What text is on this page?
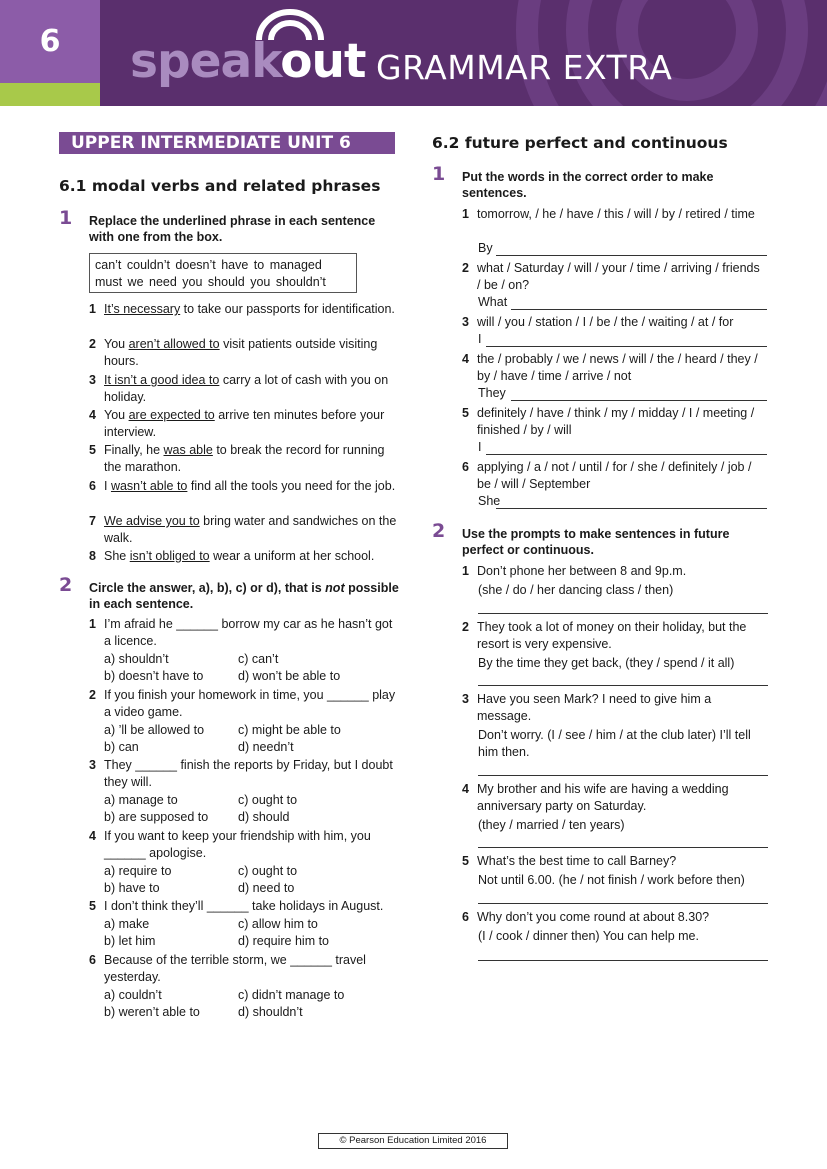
6	speakout GRAMMAR EXTRA
UPPER INTERMEDIATE UNIT 6
6.1 modal verbs and related phrases
1 Replace the underlined phrase in each sentence with one from the box.
can’t couldn’t doesn’t have to managed
must we need you should you shouldn’t
1 It’s necessary to take our passports for identification.
2 You aren’t allowed to visit patients outside visiting hours.
3 It isn’t a good idea to carry a lot of cash with you on holiday.
4 You are expected to arrive ten minutes before your interview.
5 Finally, he was able to break the record for running the marathon.
6 I wasn’t able to find all the tools you need for the job.
7 We advise you to bring water and sandwiches on the walk.
8 She isn’t obliged to wear a uniform at her school.
2 Circle the answer, a), b), c) or d), that is not possible in each sentence.
1 I’m afraid he ______ borrow my car as he hasn’t got a licence.
a) shouldn’t	c) can’t
b) doesn’t have to	d) won’t be able to
2 If you finish your homework in time, you ______ play a video game.
a) ’ll be allowed to	c) might be able to
b) can	d) needn’t
3 They ______ finish the reports by Friday, but I doubt they will.
a) manage to	c) ought to
b) are supposed to d) should
4 If you want to keep your friendship with him, you ______ apologise.
a) require to	c) ought to
b) have to	d) need to
5 I don’t think they’ll ______ take holidays in August.
a) make	c) allow him to
b) let him	d) require him to
6 Because of the terrible storm, we ______ travel yesterday.
a) couldn’t	c) didn’t manage to
b) weren’t able to	d) shouldn’t
6.2 future perfect and continuous
1 Put the words in the correct order to make sentences.
1 tomorrow, / he / have / this / will / by / retired / time
By
2 what / Saturday / will / your / time / arriving / friends / be / on?
What
3 will / you / station / I / be / the / waiting / at / for
I
4 the / probably / we / news / will / the / heard / they / by / have / time / arrive / not
They
5 definitely / have / think / my / midday / I / meeting / finished / by / will
I
6 applying / a / not / until / for / she / definitely / job / be / will / September
She
2 Use the prompts to make sentences in future perfect or continuous.
1 Don’t phone her between 8 and 9p.m.
(she / do / her dancing class / then)
2 They took a lot of money on their holiday, but the resort is very expensive.
By the time they get back, (they / spend / it all)
3 Have you seen Mark? I need to give him a message.
Don’t worry. (I / see / him / at the club later) I’ll tell him then.
4 My brother and his wife are having a wedding anniversary party on Saturday.
(they / married / ten years)
5 What’s the best time to call Barney?
Not until 6.00. (he / not finish / work before then)
6 Why don’t you come round at about 8.30?
(I / cook / dinner then) You can help me.
© Pearson Education Limited 2016
